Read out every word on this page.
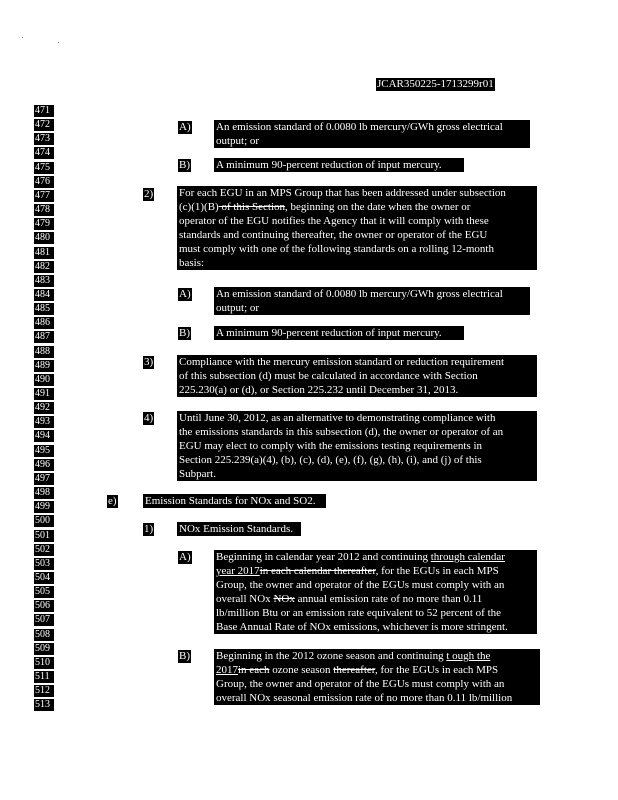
JCAR350225-1713299r01
471
472
473
474
475
476
477
478
479
480
481
482
483
484
485
486
487
488
489
490
491
492
493
494
495
496
497
498
499
500
501
502
503
504
505
506
507
508
509
510
511
512
513
A) An emission standard of 0.0080 lb mercury/GWh gross electrical
output; or
B) A minimum 90-percent reduction of input mercury.
2) For each EGU in an MPS Group that has been addressed under subsection
(c)(1)(B) of this Section, beginning on the date when the owner or
operator of the EGU notifies the Agency that it will comply with these
standards and continuing thereafter, the owner or operator of the EGU
must comply with one of the following standards on a rolling 12-month
basis:
A) An emission standard of 0.0080 lb mercury/GWh gross electrical
output; or
B) A minimum 90-percent reduction of input mercury.
3) Compliance with the mercury emission standard or reduction requirement
of this subsection (d) must be calculated in accordance with Section
225.230(a) or (d), or Section 225.232 until December 31, 2013.
4) Until June 30, 2012, as an alternative to demonstrating compliance with
the emissions standards in this subsection (d), the owner or operator of an
EGU may elect to comply with the emissions testing requirements in
Section 225.239(a)(4), (b), (c), (d), (e), (f), (g), (h), (i), and (j) of this
Subpart.
e)	Emission Standards for NOx and SO2.
1) NOx Emission Standards.
A) Beginning in calendar year 2012 and continuing through calendar
year 2017in each calendar thereafter, for the EGUs in each MPS
Group, the owner and operator of the EGUs must comply with an
overall NOx NOx annual emission rate of no more than 0.11
lb/million Btu or an emission rate equivalent to 52 percent of the
Base Annual Rate of NOx emissions, whichever is more stringent.
B) Beginning in the 2012 ozone season and continuing t ough the
2017in each ozone season thereafter, for the EGUs in each MPS
Group, the owner and operator of the EGUs must comply with an
overall NOx seasonal emission rate of no more than 0.11 lb/million
